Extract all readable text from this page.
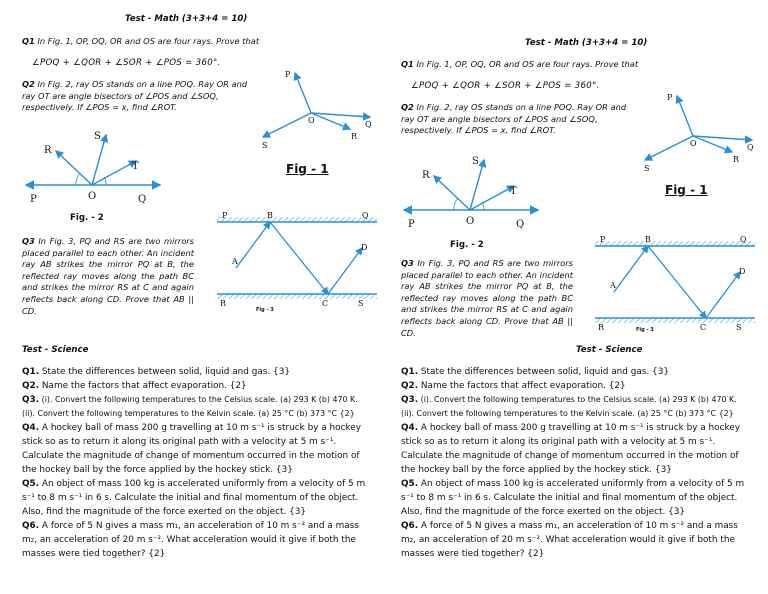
Test - Math (3+3+4 = 10)
Q1 In Fig. 1, OP, OQ, OR and OS are four rays. Prove that
∠POQ + ∠QOR + ∠SOR + ∠POS = 360°.
Q2 In Fig. 2, ray OS stands on a line POQ. Ray OR and ray OT are angle bisectors of ∠POS and ∠SOQ, respectively. If ∠POS = x, find ∠ROT.
P
O	Q
R
S
Fig - 1
S
R
T
O
P	Q
Fig. - 2	P	B	Q
A
D
R	C	S
Fig - 3
Q3 In Fig. 3, PQ and RS are two mirrors placed parallel to each other. An incident ray AB strikes the mirror PQ at B, the reflected ray moves along the path BC and strikes the mirror RS at C and again reflects back along CD. Prove that AB || CD.
Test - Science
Q1. State the differences between solid, liquid and gas. {3}
Q2. Name the factors that affect evaporation. {2}
Q3. (i). Convert the following temperatures to the Celsius scale. (a) 293 K (b) 470 K.
(ii). Convert the following temperatures to the Kelvin scale. (a) 25 °C (b) 373 °C {2}
Q4. A hockey ball of mass 200 g travelling at 10 m s⁻¹ is struck by a hockey
stick so as to return it along its original path with a velocity at 5 m s⁻¹.
Calculate the magnitude of change of momentum occurred in the motion of
the hockey ball by the force applied by the hockey stick. {3}
Q5. An object of mass 100 kg is accelerated uniformly from a velocity of 5 m
s⁻¹ to 8 m s⁻¹ in 6 s. Calculate the initial and final momentum of the object.
Also, find the magnitude of the force exerted on the object. {3}
Q6. A force of 5 N gives a mass m₁, an acceleration of 10 m s⁻² and a mass
m₂, an acceleration of 20 m s⁻². What acceleration would it give if both the
masses were tied together? {2}
Test - Math (3+3+4 = 10)
Q1 In Fig. 1, OP, OQ, OR and OS are four rays. Prove that
∠POQ + ∠QOR + ∠SOR + ∠POS = 360°.
Q2 In Fig. 2, ray OS stands on a line POQ. Ray OR and ray OT are angle bisectors of ∠POS and ∠SOQ, respectively. If ∠POS = x, find ∠ROT.
P
O	Q
R
S
Fig - 1
S
R
T
O
P	Q
Fig. - 2
P	B	Q
A
D
R	C	S
Fig - 3
Q3 In Fig. 3, PQ and RS are two mirrors placed parallel to each other. An incident ray AB strikes the mirror PQ at B, the reflected ray moves along the path BC and strikes the mirror RS at C and again reflects back along CD. Prove that AB || CD.
Test - Science
Q1. State the differences between solid, liquid and gas. {3}
Q2. Name the factors that affect evaporation. {2}
Q3. (i). Convert the following temperatures to the Celsius scale. (a) 293 K (b) 470 K.
(ii). Convert the following temperatures to the Kelvin scale. (a) 25 °C (b) 373 °C {2}
Q4. A hockey ball of mass 200 g travelling at 10 m s⁻¹ is struck by a hockey
stick so as to return it along its original path with a velocity at 5 m s⁻¹.
Calculate the magnitude of change of momentum occurred in the motion of
the hockey ball by the force applied by the hockey stick. {3}
Q5. An object of mass 100 kg is accelerated uniformly from a velocity of 5 m
s⁻¹ to 8 m s⁻¹ in 6 s. Calculate the initial and final momentum of the object.
Also, find the magnitude of the force exerted on the object. {3}
Q6. A force of 5 N gives a mass m₁, an acceleration of 10 m s⁻² and a mass
m₂, an acceleration of 20 m s⁻². What acceleration would it give if both the
masses were tied together? {2}
